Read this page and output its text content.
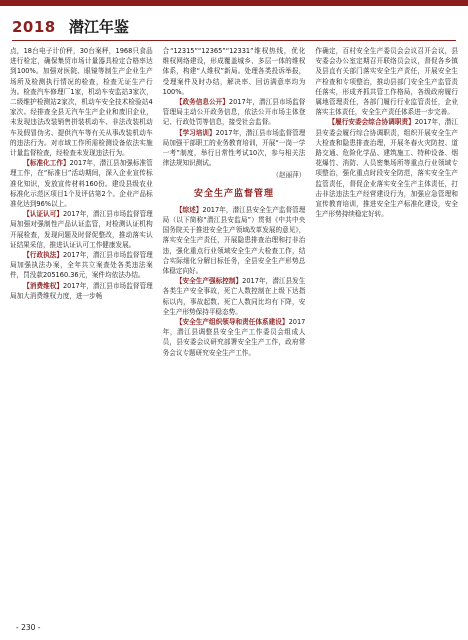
2018 潜江年鉴

点，18台电子计价秤，30台案秤，1968只食品进行检定，确保集贸市场计量器具检定合格率达到100%。加强对医院、眼镜等制生产企业生产场所及检测执行情况的检查，检查无证生产行为。检查汽车修理厂1家，机动车安监站3家次，二级维护检测站2家次，机动车安全技术检验站4家次。经排查全县无汽车生产企业和废旧企业，未发现违法改装销售拼装机动车、非法改装机动车及假冒伪劣、提供汽车等有关从事改装机动车的违法行为。对市域工作所需检测设备依法实施计量监督检查，经检查未发现违法行为。

【标准化工作】2017年，潜江县加强标准管理工作，在“标准日”活动期间，深入企业宣传标准化知识，发放宣传材料160份。建设县级农业标准化示范区项目1个及评估第2个。企业产品标准化达到96%以上。

【认证认可】2017年，潜江县市场监督管理局加强对强制性产品认证监管，对检测认证机构开展检查，发现问题及时督促整改，推动落实认证结果采信，推进认证认可工作健康发展。

【行政执法】2017年，潜江县市场监督管理局加强执法办案，全年共立案查处各类违法案件，罚没款205160.36元，案件均依法办结。

【消费维权】2017年，潜江县市场监督管理局加大消费维权力度，进一步畅

合“12315”“12365”“12331”维权热线，优化维权网络建设，形成覆盖城乡、多层一体的维权体系，构建“人维权”新局。处理各类投诉举报，受理案件及时办结，解决率、回访满意率均为100%。

【政务信息公开】2017年，潜江县市场监督管理局主动公开政务信息，依法公开市场主体登记、行政处罚等信息，接受社会监督。

【学习培训】2017年，潜江县市场监督管理局加强干部职工的业务教育培训，开展“一岗一学一考”制度，举行日常性考试10次，参与相关法律法规知识测试。

（赵丽萍）
安全生产监督管理

【综述】2017年，潜江县安全生产监督管理局（以下简称“潜江县安监局”）贯彻《中共中央国务院关于推进安全生产领域改革发展的意见》，落实安全生产责任，开展隐患排查治理和打非治违，强化重点行业领域安全生产大检查工作，结合实际细化分解目标任务，全县安全生产形势总体稳定向好。

【安全生产强标控制】2017年，潜江县发生各类生产安全事故，死亡人数控制在上级下达指标以内，事故起数、死亡人数同比均有下降，安全生产形势保持平稳态势。

【安全生产组织领导和责任体系建设】2017年，潜江县调整县安全生产工作委员会组成人员，县安委会议研究部署安全生产工作，政府常务会议专题研究安全生产工作。

作确定，百村安全生产委员会会议召开会议，县安委会办公室定期召开联络员会议，督促各乡镇及县直有关部门落实安全生产责任，开展安全生产检查和专项整治，推动县部门安全生产监管责任落实，形成齐抓共管工作格局，各级政府履行属地管理责任，各部门履行行业监管责任，企业落实主体责任，安全生产责任体系进一步完善。

【履行安委会综合协调职责】2017年，潜江县安委会履行综合协调职责，组织开展安全生产大检查和隐患排查治理，开展冬春火灾防控、道路交通、危险化学品、建筑施工、特种设备、烟花爆竹、消防、人员密集场所等重点行业领域专项整治，强化重点时段安全防范，落实安全生产监管责任，督促企业落实安全生产主体责任，打击非法违法生产经营建设行为，加强应急管理和宣传教育培训，推进安全生产标准化建设，安全生产形势持续稳定好转。

- 230 -
